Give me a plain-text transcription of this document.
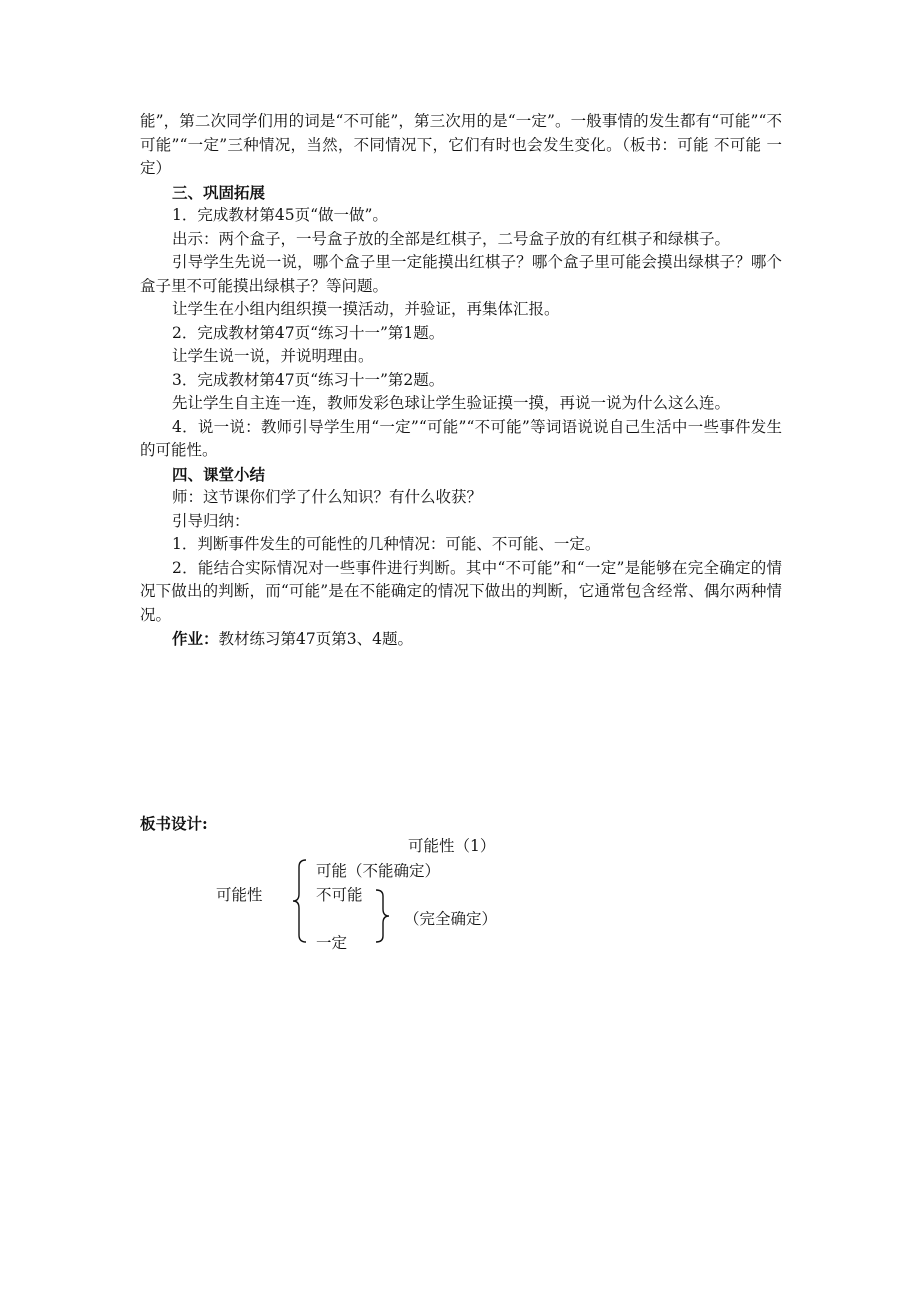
能”，第二次同学们用的词是“不可能”，第三次用的是“一定”。一般事情的发生都有“可能”“不可能”“一定”三种情况，当然，不同情况下，它们有时也会发生变化。（板书：可能 不可能 一定）

三、巩固拓展

1．完成教材第45页“做一做”。

出示：两个盒子，一号盒子放的全部是红棋子，二号盒子放的有红棋子和绿棋子。

引导学生先说一说，哪个盒子里一定能摸出红棋子？哪个盒子里可能会摸出绿棋子？哪个盒子里不可能摸出绿棋子？等问题。

让学生在小组内组织摸一摸活动，并验证，再集体汇报。

2．完成教材第47页“练习十一”第1题。

让学生说一说，并说明理由。

3．完成教材第47页“练习十一”第2题。

先让学生自主连一连，教师发彩色球让学生验证摸一摸，再说一说为什么这么连。

4．说一说：教师引导学生用“一定”“可能”“不可能”等词语说说自己生活中一些事件发生的可能性。

四、课堂小结

师：这节课你们学了什么知识？有什么收获？

引导归纳：

1．判断事件发生的可能性的几种情况：可能、不可能、一定。

2．能结合实际情况对一些事件进行判断。其中“不可能”和“一定”是能够在完全确定的情况下做出的判断，而“可能”是在不能确定的情况下做出的判断，它通常包含经常、偶尔两种情况。

作业：教材练习第47页第3、4题。

板书设计:
可能性（1）
可能性
可能（不能确定）
不可能
一定
（完全确定）
